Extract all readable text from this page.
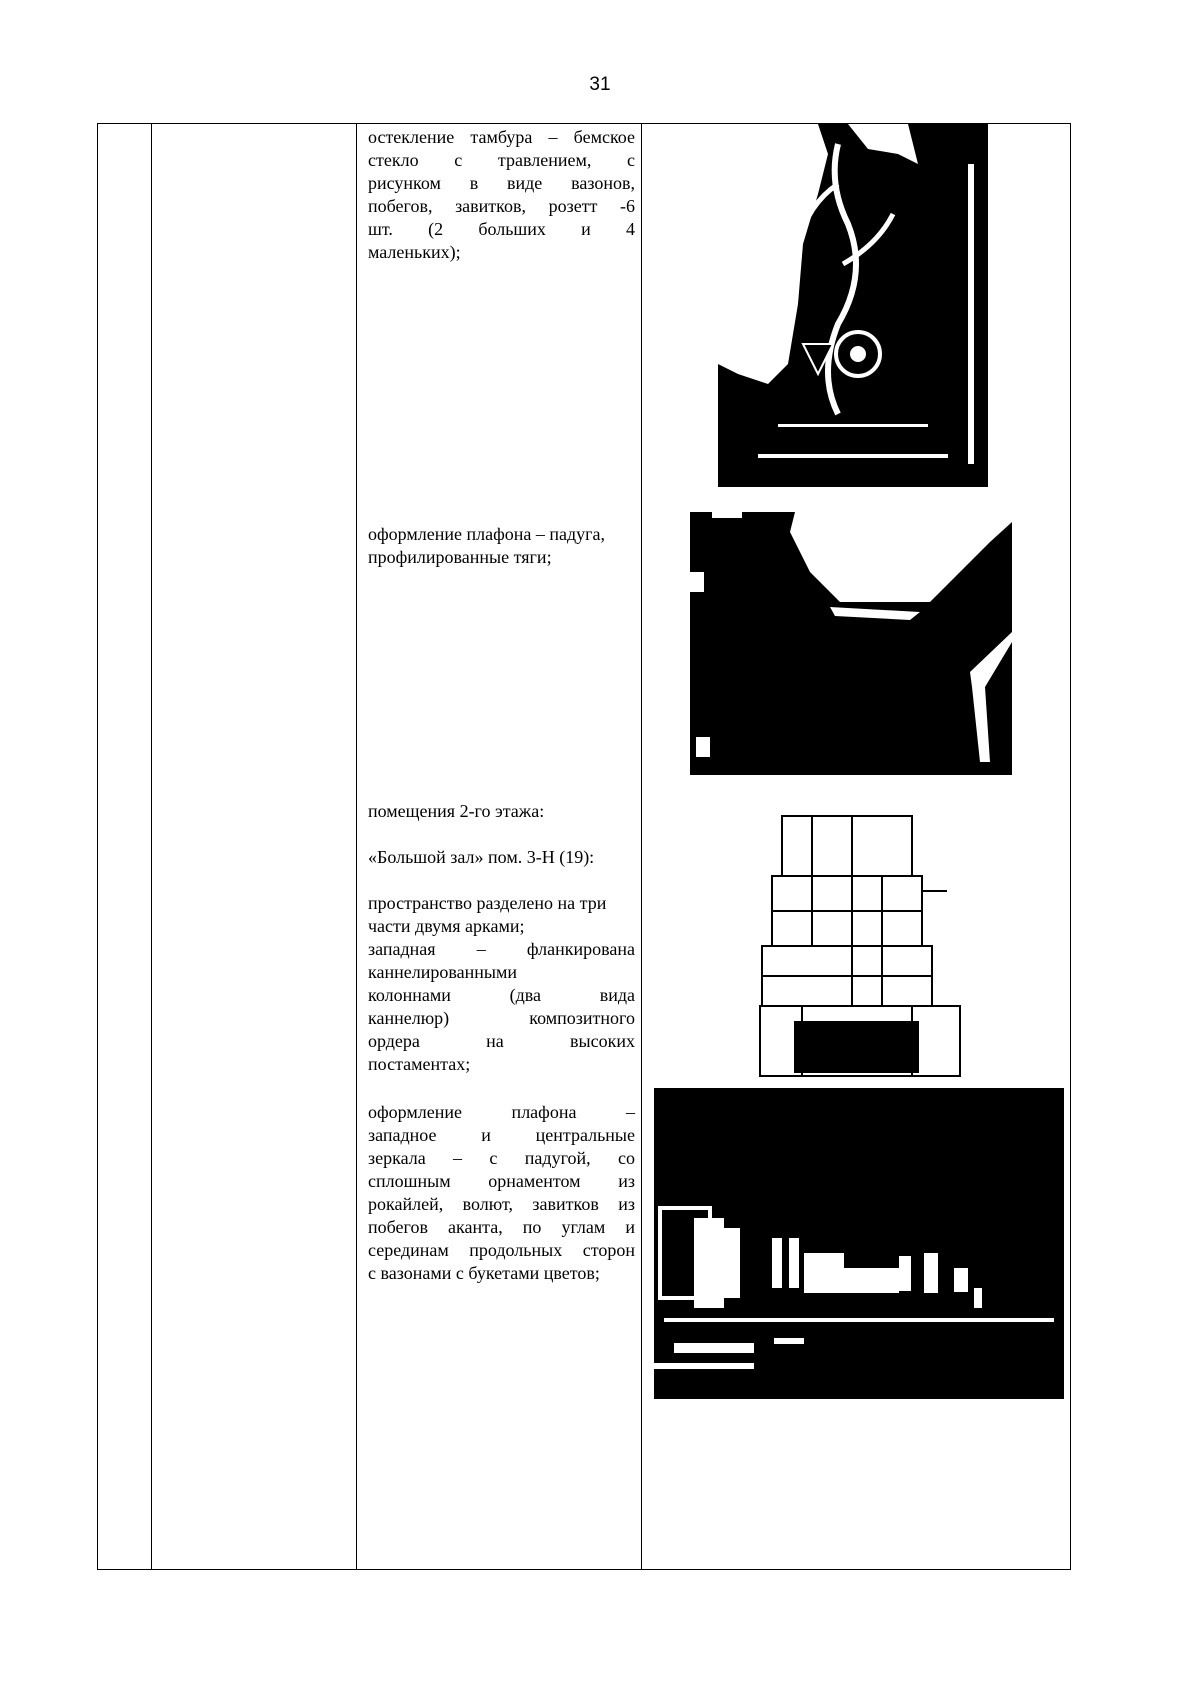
31
остекление тамбура – бемское
стекло с травлением, с
рисунком в виде вазонов,
побегов, завитков, розетт -6
шт. (2 больших и 4
маленьких);
оформление плафона – падуга,
профилированные тяги;
помещения 2-го этажа:
«Большой зал» пом. 3-Н (19):
пространство разделено на три
части двумя арками;
западная – фланкирована
каннелированными
колоннами (два вида
каннелюр) композитного
ордера на высоких
постаментах;
оформление плафона –
западное и центральные
зеркала – с падугой, со
сплошным орнаментом из
рокайлей, волют, завитков из
побегов аканта, по углам и
серединам продольных сторон
с вазонами с букетами цветов;
